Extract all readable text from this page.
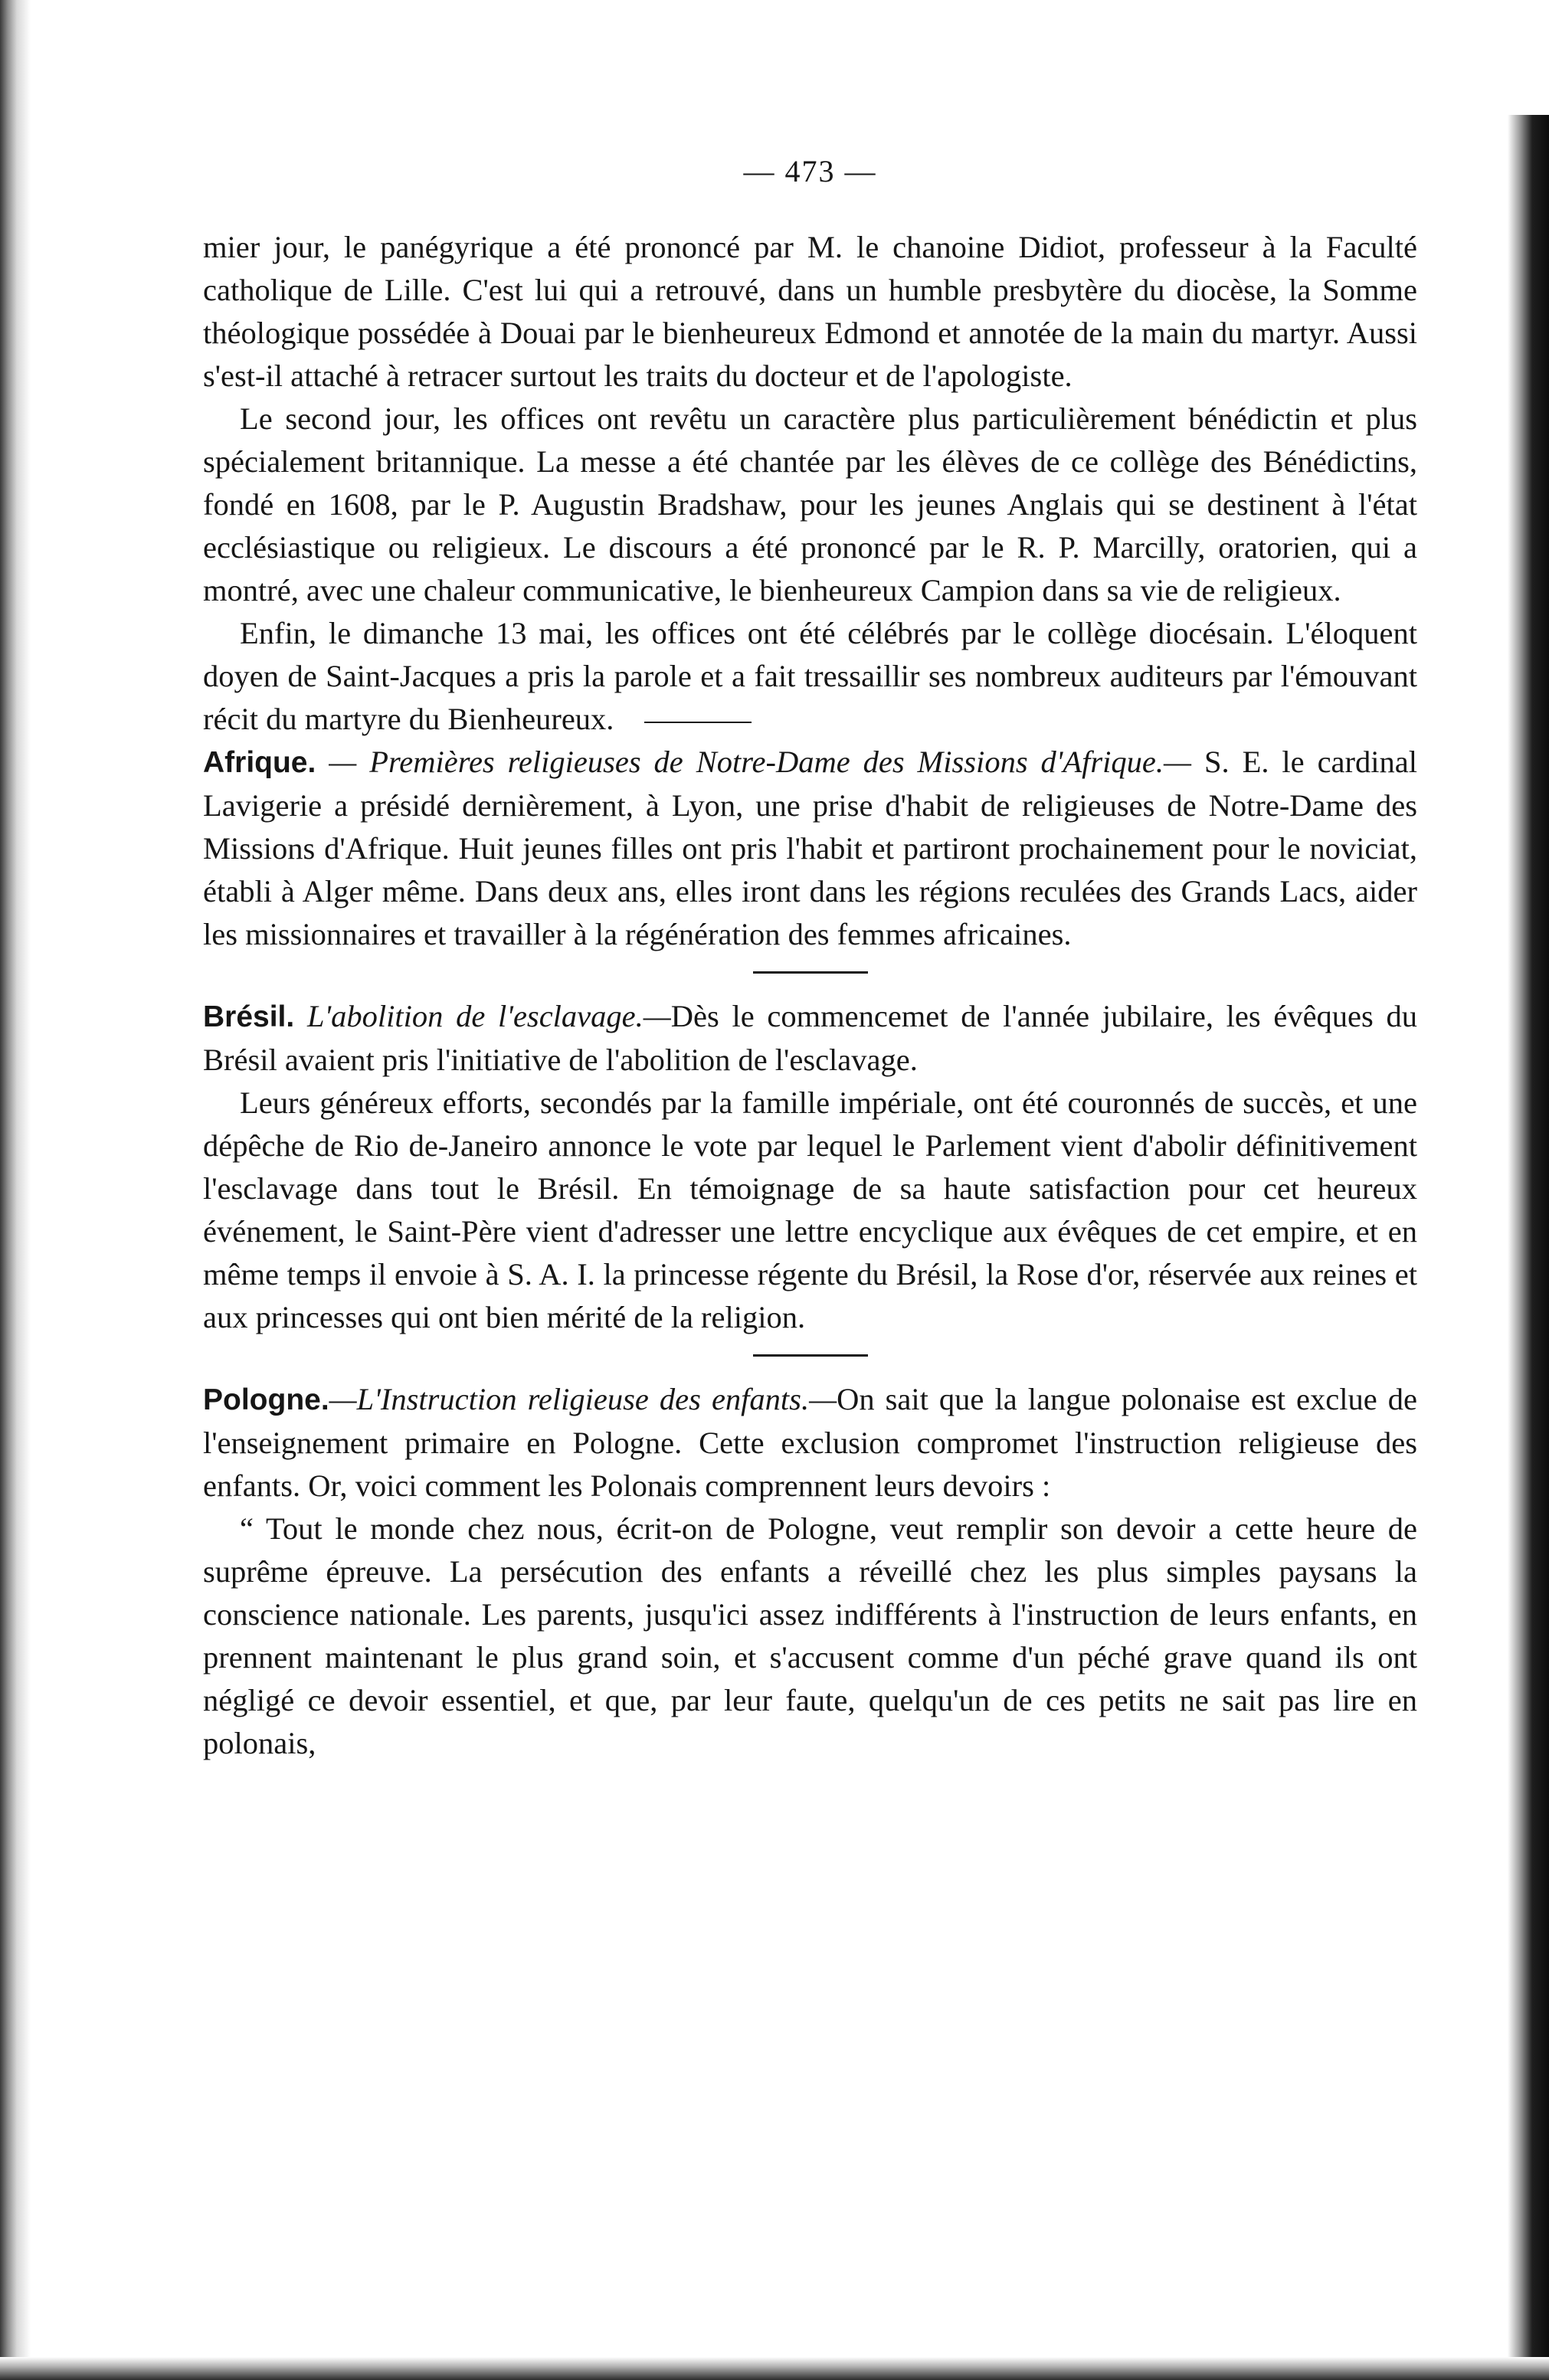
— 473 —

mier jour, le panégyrique a été prononcé par M. le chanoine Didiot, professeur à la Faculté catholique de Lille. C'est lui qui a retrouvé, dans un humble presbytère du diocèse, la Somme théologique possédée à Douai par le bienheureux Edmond et annotée de la main du martyr. Aussi s'est-il attaché à retracer surtout les traits du docteur et de l'apologiste.

Le second jour, les offices ont revêtu un caractère plus particulièrement bénédictin et plus spécialement britannique. La messe a été chantée par les élèves de ce collège des Bénédictins, fondé en 1608, par le P. Augustin Bradshaw, pour les jeunes Anglais qui se destinent à l'état ecclésiastique ou religieux. Le discours a été prononcé par le R. P. Marcilly, oratorien, qui a montré, avec une chaleur communicative, le bienheureux Campion dans sa vie de religieux.

Enfin, le dimanche 13 mai, les offices ont été célébrés par le collège diocésain. L'éloquent doyen de Saint-Jacques a pris la parole et a fait tressaillir ses nombreux auditeurs par l'émouvant récit du martyre du Bienheureux.

Afrique. — Premières religieuses de Notre-Dame des Missions d'Afrique.— S. E. le cardinal Lavigerie a présidé dernièrement, à Lyon, une prise d'habit de religieuses de Notre-Dame des Missions d'Afrique. Huit jeunes filles ont pris l'habit et partiront prochainement pour le noviciat, établi à Alger même. Dans deux ans, elles iront dans les régions reculées des Grands Lacs, aider les missionnaires et travailler à la régénération des femmes africaines.

Brésil. L'abolition de l'esclavage.—Dès le commencemet de l'année jubilaire, les évêques du Brésil avaient pris l'initiative de l'abolition de l'esclavage.

Leurs généreux efforts, secondés par la famille impériale, ont été couronnés de succès, et une dépêche de Rio de-Janeiro annonce le vote par lequel le Parlement vient d'abolir définitivement l'esclavage dans tout le Brésil. En témoignage de sa haute satisfaction pour cet heureux événement, le Saint-Père vient d'adresser une lettre encyclique aux évêques de cet empire, et en même temps il envoie à S. A. I. la princesse régente du Brésil, la Rose d'or, réservée aux reines et aux princesses qui ont bien mérité de la religion.

Pologne.—L'Instruction religieuse des enfants.—On sait que la langue polonaise est exclue de l'enseignement primaire en Pologne. Cette exclusion compromet l'instruction religieuse des enfants. Or, voici comment les Polonais comprennent leurs devoirs :

“ Tout le monde chez nous, écrit-on de Pologne, veut remplir son devoir a cette heure de suprême épreuve. La persécution des enfants a réveillé chez les plus simples paysans la conscience nationale. Les parents, jusqu'ici assez indifférents à l'instruction de leurs enfants, en prennent maintenant le plus grand soin, et s'accusent comme d'un péché grave quand ils ont négligé ce devoir essentiel, et que, par leur faute, quelqu'un de ces petits ne sait pas lire en polonais,
